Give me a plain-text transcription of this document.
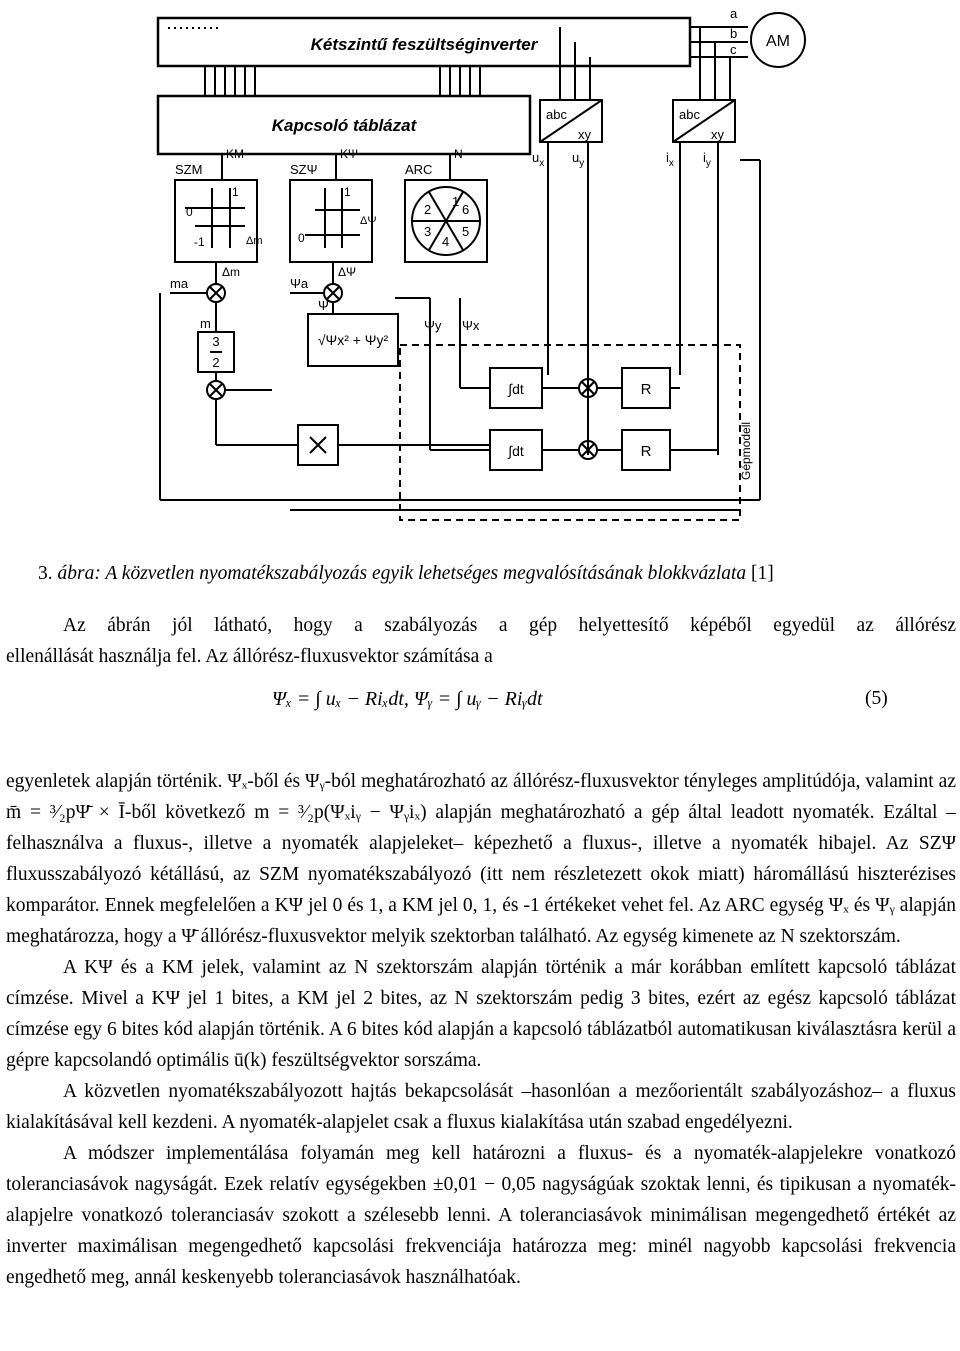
Kétszintű feszültséginverter
Kapcsoló táblázat
AM
a
b
c
abc
xy
abc
xy
$u_x$ $u_y$	$i_x$ $i_y$
SZM	SZΨ	ARC
KM	KΨ	N
1
0
-1
1
0
Δm	ΔΨ
Δm
ΔΨ
1
2
3
4
5
6
ma	Ψa
m
Ψ
Ψy Ψx
3
2
√Ψx² + Ψy²
∫dt
∫dt
R
R	Gépmodell
3. ábra: A közvetlen nyomatékszabályozás egyik lehetséges megvalósításának blokkvázlata [1]

Az ábrán jól látható, hogy a szabályozás a gép helyettesítő képéből egyedül az állórész

ellenállását használja fel. Az állórész-fluxusvektor számítása a

egyenletek alapján történik. Ψₓ-ből és Ψᵧ-ból meghatározható az állórész-fluxusvektor tényleges amplitúdója, valamint az m̄ = ³⁄₂pΨ̄ × Ī-ből következő m = ³⁄₂p(Ψₓiᵧ − Ψᵧiₓ) alapján meghatározható a gép által leadott nyomaték. Ezáltal –felhasználva a fluxus-, illetve a nyomaték alapjeleket– képezhető a fluxus-, illetve a nyomaték hibajel. Az SZΨ fluxusszabályozó kétállású, az SZM nyomatékszabályozó (itt nem részletezett okok miatt) háromállású hiszterézises komparátor. Ennek megfelelően a KΨ jel 0 és 1, a KM jel 0, 1, és -1 értékeket vehet fel. Az ARC egység Ψₓ és Ψᵧ alapján meghatározza, hogy a Ψ̄ állórész-fluxusvektor melyik szektorban található. Az egység kimenete az N szektorszám.

A KΨ és a KM jelek, valamint az N szektorszám alapján történik a már korábban említett kapcsoló táblázat címzése. Mivel a KΨ jel 1 bites, a KM jel 2 bites, az N szektorszám pedig 3 bites, ezért az egész kapcsoló táblázat címzése egy 6 bites kód alapján történik. A 6 bites kód alapján a kapcsoló táblázatból automatikusan kiválasztásra kerül a gépre kapcsolandó optimális ū(k) feszültségvektor sorszáma.

A közvetlen nyomatékszabályozott hajtás bekapcsolását –hasonlóan a mezőorientált szabályozáshoz– a fluxus kialakításával kell kezdeni. A nyomaték-alapjelet csak a fluxus kialakítása után szabad engedélyezni.

A módszer implementálása folyamán meg kell határozni a fluxus- és a nyomaték-alapjelekre vonatkozó toleranciasávok nagyságát. Ezek relatív egységekben ±0,01 − 0,05 nagyságúak szoktak lenni, és tipikusan a nyomaték-alapjelre vonatkozó toleranciasáv szokott a szélesebb lenni. A toleranciasávok minimálisan megengedhető értékét az inverter maximálisan megengedhető kapcsolási frekvenciája határozza meg: minél nagyobb kapcsolási frekvencia engedhető meg, annál keskenyebb toleranciasávok használhatóak.

Ψₓ = ∫ uₓ − Riₓdt, Ψᵧ = ∫ uᵧ − Riᵧdt	(5)
